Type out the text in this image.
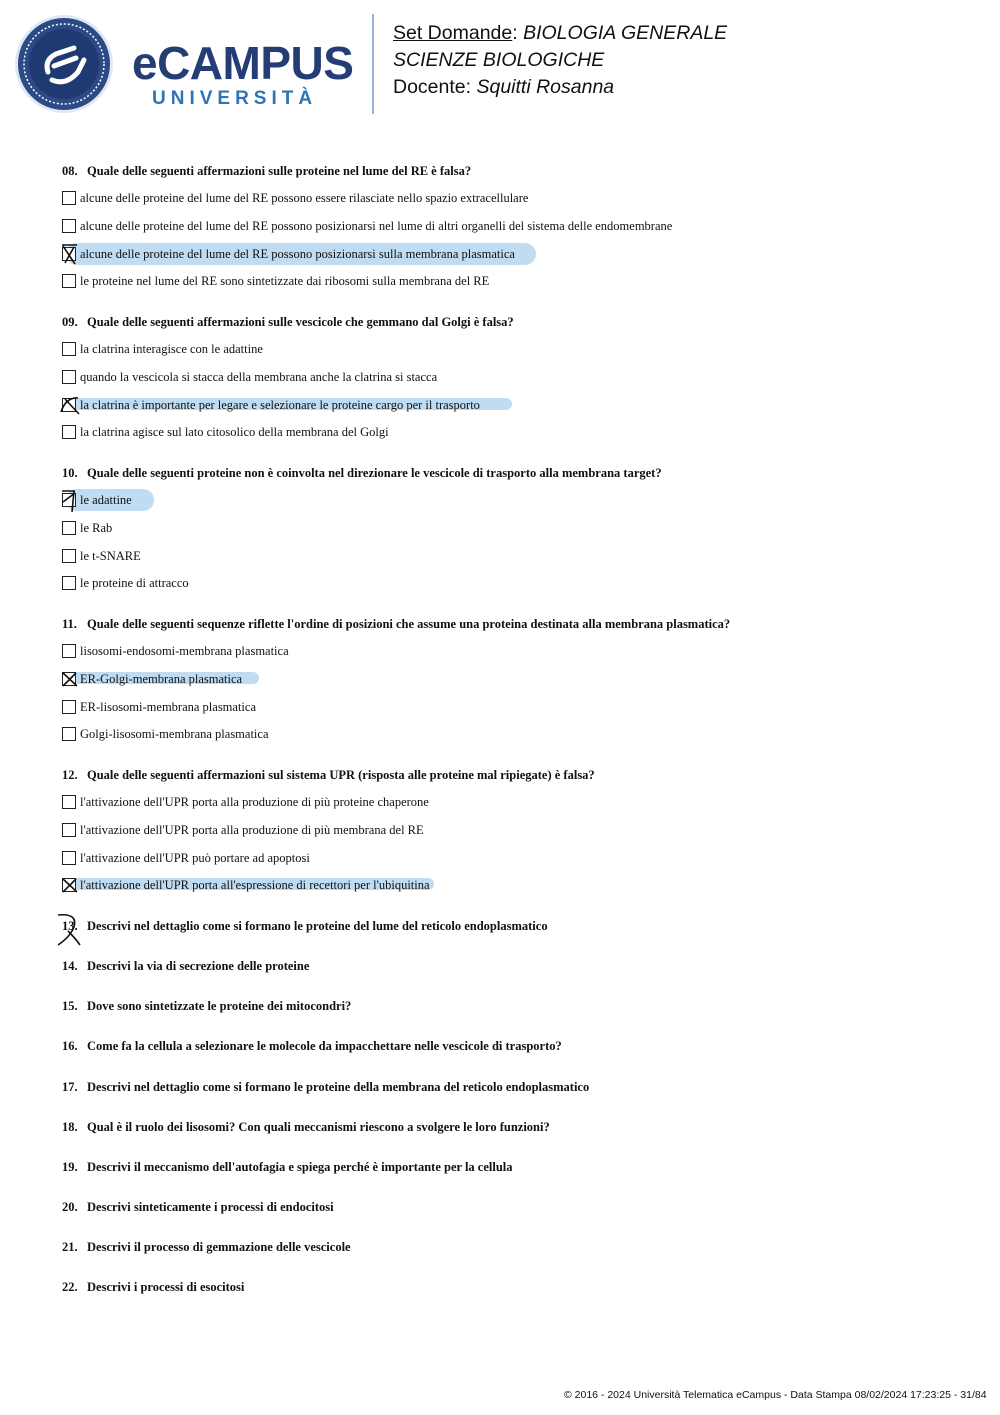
eCAMPUS
UNIVERSITÀ
Set Domande: BIOLOGIA GENERALE
SCIENZE BIOLOGICHE
Docente: Squitti Rosanna
08. Quale delle seguenti affermazioni sulle proteine nel lume del RE è falsa?
alcune delle proteine del lume del RE possono essere rilasciate nello spazio extracellulare
alcune delle proteine del lume del RE possono posizionarsi nel lume di altri organelli del sistema delle endomembrane
alcune delle proteine del lume del RE possono posizionarsi sulla membrana plasmatica
le proteine nel lume del RE sono sintetizzate dai ribosomi sulla membrana del RE
09. Quale delle seguenti affermazioni sulle vescicole che gemmano dal Golgi è falsa?
la clatrina interagisce con le adattine
quando la vescicola si stacca della membrana anche la clatrina si stacca
la clatrina è importante per legare e selezionare le proteine cargo per il trasporto
la clatrina agisce sul lato citosolico della membrana del Golgi
10. Quale delle seguenti proteine non è coinvolta nel direzionare le vescicole di trasporto alla membrana target?
le adattine
le Rab
le t-SNARE
le proteine di attracco
11. Quale delle seguenti sequenze riflette l'ordine di posizioni che assume una proteina destinata alla membrana plasmatica?
lisosomi-endosomi-membrana plasmatica
ER-Golgi-membrana plasmatica
ER-lisosomi-membrana plasmatica
Golgi-lisosomi-membrana plasmatica
12. Quale delle seguenti affermazioni sul sistema UPR (risposta alle proteine mal ripiegate) è falsa?
l'attivazione dell'UPR porta alla produzione di più proteine chaperone
l'attivazione dell'UPR porta alla produzione di più membrana del RE
l'attivazione dell'UPR può portare ad apoptosi
l'attivazione dell'UPR porta all'espressione di recettori per l'ubiquitina
13. Descrivi nel dettaglio come si formano le proteine del lume del reticolo endoplasmatico
14. Descrivi la via di secrezione delle proteine
15. Dove sono sintetizzate le proteine dei mitocondri?
16. Come fa la cellula a selezionare le molecole da impacchettare nelle vescicole di trasporto?
17. Descrivi nel dettaglio come si formano le proteine della membrana del reticolo endoplasmatico
18. Qual è il ruolo dei lisosomi? Con quali meccanismi riescono a svolgere le loro funzioni?
19. Descrivi il meccanismo dell'autofagia e spiega perché è importante per la cellula
20. Descrivi sinteticamente i processi di endocitosi
21. Descrivi il processo di gemmazione delle vescicole
22. Descrivi i processi di esocitosi
© 2016 - 2024 Università Telematica eCampus - Data Stampa 08/02/2024 17:23:25 - 31/84
